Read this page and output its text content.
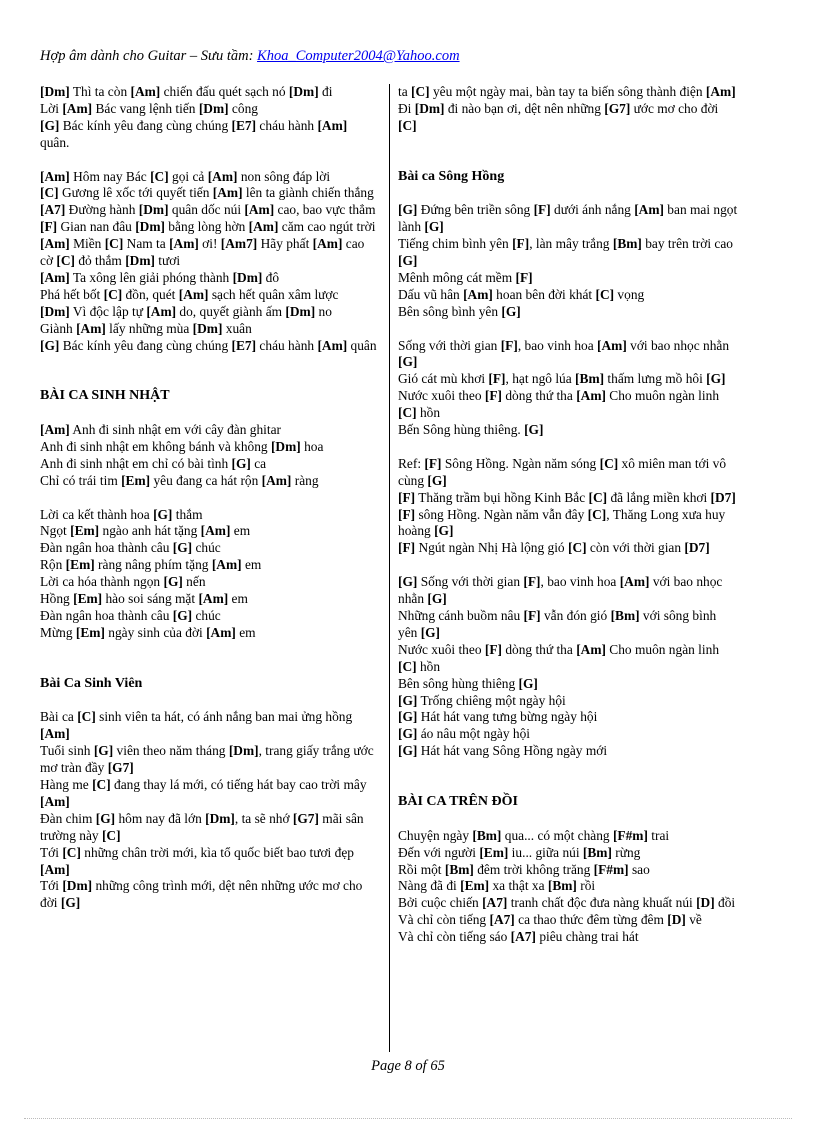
Hợp âm dành cho Guitar – Sưu tầm: Khoa_Computer2004@Yahoo.com
[Dm] Thì ta còn [Am] chiến đấu quét sạch nó [Dm] đi
Lời [Am] Bác vang lệnh tiến [Dm] công
[G] Bác kính yêu đang cùng chúng [E7] cháu hành [Am] quân.
[Am] Hôm nay Bác [C] gọi cả [Am] non sông đáp lời
[C] Gương lê xốc tới quyết tiến [Am] lên ta giành chiến thắng
[A7] Đường hành [Dm] quân dốc núi [Am] cao, bao vực thẳm
[F] Gian nan đâu [Dm] bằng lòng hờn [Am] căm cao ngút trời
[Am] Miền [C] Nam ta [Am] ơi! [Am7] Hãy phất [Am] cao cờ [C] đỏ thắm [Dm] tươi
[Am] Ta xông lên giải phóng thành [Dm] đô
Phá hết bốt [C] đồn, quét [Am] sạch hết quân xâm lược
[Dm] Vì độc lập tự [Am] do, quyết giành ấm [Dm] no
Giành [Am] lấy những mùa [Dm] xuân
[G] Bác kính yêu đang cùng chúng [E7] cháu hành [Am] quân
BÀI CA SINH NHẬT
[Am] Anh đi sinh nhật em với cây đàn ghitar
Anh đi sinh nhật em không bánh và không [Dm] hoa
Anh đi sinh nhật em chỉ có bài tình [G] ca
Chỉ có trái tim [Em] yêu đang ca hát rộn [Am] ràng
Lời ca kết thành hoa [G] thắm
Ngọt [Em] ngào anh hát tặng [Am] em
Đàn ngân hoa thành câu [G] chúc
Rộn [Em] ràng nâng phím tặng [Am] em
Lời ca hóa thành ngọn [G] nến
Hồng [Em] hào soi sáng mặt [Am] em
Đàn ngân hoa thành câu [G] chúc
Mừng [Em] ngày sinh của đời [Am] em
Bài Ca Sinh Viên
Bài ca [C] sinh viên ta hát, có ánh nắng ban mai ửng hồng [Am]
Tuổi sinh [G] viên theo năm tháng [Dm], trang giấy trắng ước mơ tràn đầy [G7]
Hàng me [C] đang thay lá mới, có tiếng hát bay cao trời mây [Am]
Đàn chim [G] hôm nay đã lớn [Dm], ta sẽ nhớ [G7] mãi sân trường này [C]
Tới [C] những chân trời mới, kìa tổ quốc biết bao tươi đẹp [Am]
Tới [Dm] những công trình mới, dệt nên những ước mơ cho đời [G]
ta [C] yêu một ngày mai, bàn tay ta biến sông thành điện [Am]
Đi [Dm] đi nào bạn ơi, dệt nên những [G7] ước mơ cho đời [C]
Bài ca Sông Hồng
[G] Đứng bên triền sông [F] dưới ánh nắng [Am] ban mai ngọt lành [G]
Tiếng chim bình yên [F], làn mây trắng [Bm] bay trên trời cao [G]
Mênh mông cát mềm [F]
Dấu vũ hân [Am] hoan bên đời khát [C] vọng
Bên sông bình yên [G]
Sống với thời gian [F], bao vinh hoa [Am] với bao nhọc nhằn [G]
Gió cát mù khơi [F], hạt ngô lúa [Bm] thấm lưng mồ hôi [G]
Nước xuôi theo [F] dòng thứ tha [Am] Cho muôn ngàn linh [C] hồn
Bến Sông hùng thiêng. [G]
Ref: [F] Sông Hồng. Ngàn năm sóng [C] xô miên man tới vô cùng [G]
[F] Thăng trầm bụi hồng Kinh Bắc [C] đã lắng miền khơi [D7]
[F] sông Hồng. Ngàn năm vẫn đây [C], Thăng Long xưa huy hoàng [G]
[F] Ngút ngàn Nhị Hà lộng gió [C] còn với thời gian [D7]
[G] Sống với thời gian [F], bao vinh hoa [Am] với bao nhọc nhằn [G]
Những cánh buồm nâu [F] vẫn đón gió [Bm] với sông bình yên [G]
Nước xuôi theo [F] dòng thứ tha [Am] Cho muôn ngàn linh [C] hồn
Bên sông hùng thiêng [G]
[G] Trống chiêng một ngày hội
[G] Hát hát vang tưng bừng ngày hội
[G] áo nâu một ngày hội
[G] Hát hát vang Sông Hồng ngày mới
BÀI CA TRÊN ĐỒI
Chuyện ngày [Bm] qua... có một chàng [F#m] trai
Đến với người [Em] iu... giữa núi [Bm] rừng
Rồi một [Bm] đêm trời không trăng [F#m] sao
Nàng đã đi [Em] xa thật xa [Bm] rồi
Bởi cuộc chiến [A7] tranh chất độc đưa nàng khuất núi [D] đồi
Và chỉ còn tiếng [A7] ca thao thức đêm từng đêm [D] về
Và chỉ còn tiếng sáo [A7] piêu chàng trai hát
Page 8 of 65
